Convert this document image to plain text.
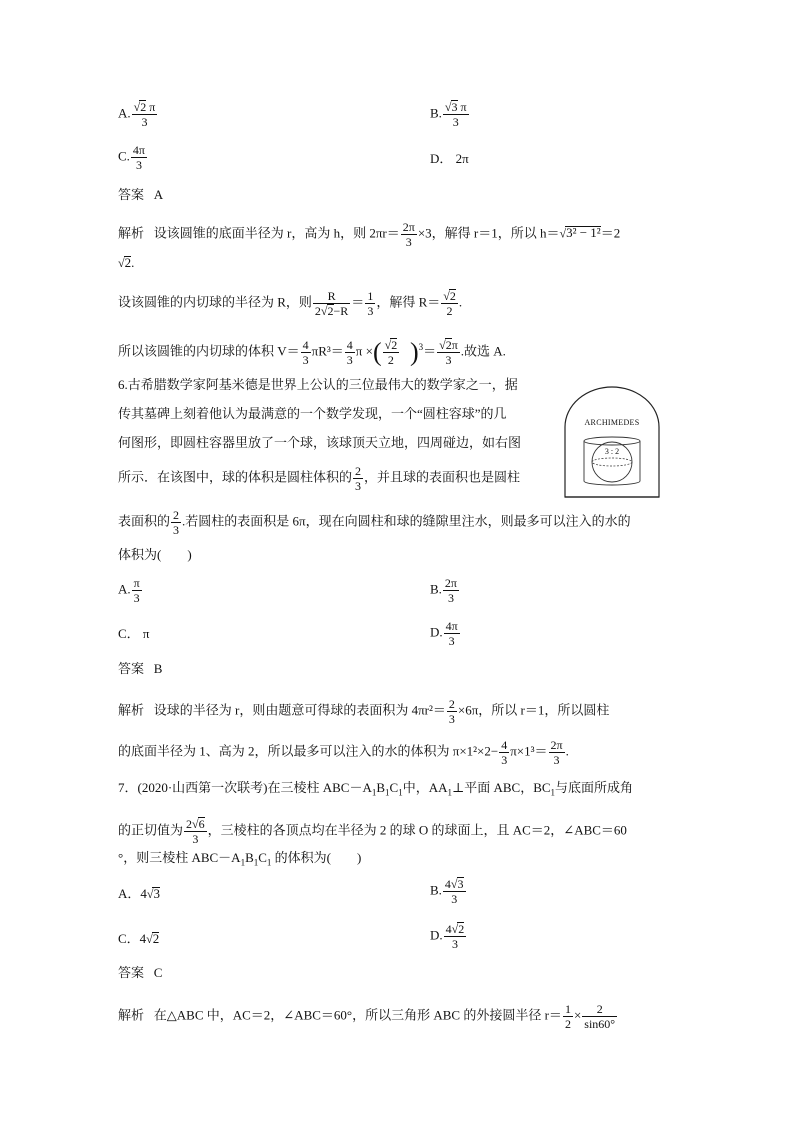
A. $\frac{√2 \pi}{3}$	B. $\frac{√3 \pi}{3}$
C. $\frac{4\pi}{3}$	D． 2π
答案 A
解析 设该圆锥的底面半径为 r，高为 h，则 $2\pi r= \frac{2\pi}{3} \times 3$，解得 r＝1，所以 h＝√3² − 1²＝2
√2.
设该圆锥的内切球的半径为 R，则 $\frac{R}{2√2-R} = \frac{1}{3}$ ，解得 $R= \frac{√2}{2}$ .
所以该圆锥的内切球的体积 $V= \frac{4}{3} \pi R^3= \frac{4}{3}$ π ×( $\frac{√2}{2} )^3= \frac{√2\pi}{3}$ .故选 A.
6.古希腊数学家阿基米德是世界上公认的三位最伟大的数学家之一，据
传其墓碑上刻着他认为最满意的一个数学发现，一个“圆柱容球”的几
何图形，即圆柱容器里放了一个球，该球顶天立地，四周碰边，如右图
所示．在该图中，球的体积是圆柱体积的 $\frac{2}{3}$ ，并且球的表面积也是圆柱
表面积的 $\frac{2}{3}$ .若圆柱的表面积是 6π，现在向圆柱和球的缝隙里注水，则最多可以注入的水的
体积为(　　)
ARCHIMEDES
3 : 2
A. $\frac{\pi}{3}$	B. $\frac{2\pi}{3}$
C． π	D. $\frac{4\pi}{3}$
答案 B
解析 设球的半径为 r，则由题意可得球的表面积为 $4\pi r^2= \frac{2}{3} \times 6\pi$，所以 r＝1，所以圆柱
的底面半径为 1、高为 2，所以最多可以注入的水的体积为 $\pi\times 1^2\times 2- \frac{4}{3} \pi\times 1^3= \frac{2\pi}{3}$ .
7．(2020·山西第一次联考)在三棱柱 $ABC-A_1B_1C_1$中，$AA_1\perp$平面 ABC，$BC_1$与底面所成角
的正切值为 $\frac{2√6}{3}$ ，三棱柱的各顶点均在半径为 2 的球 O 的球面上，且 AC＝2，∠ABC＝60
°，则三棱柱 $ABC-A_1B_1C_1$ 的体积为(　　)
A．4√3	B. $\frac{4√3}{3}$
C．4√2	D. $\frac{4√2}{3}$
答案 C
解析 在△ABC 中，AC＝2，∠ABC＝60°，所以三角形 ABC 的外接圆半径 $r= \frac{1}{2} \times \frac{2}{\sin 60^\circ}$
